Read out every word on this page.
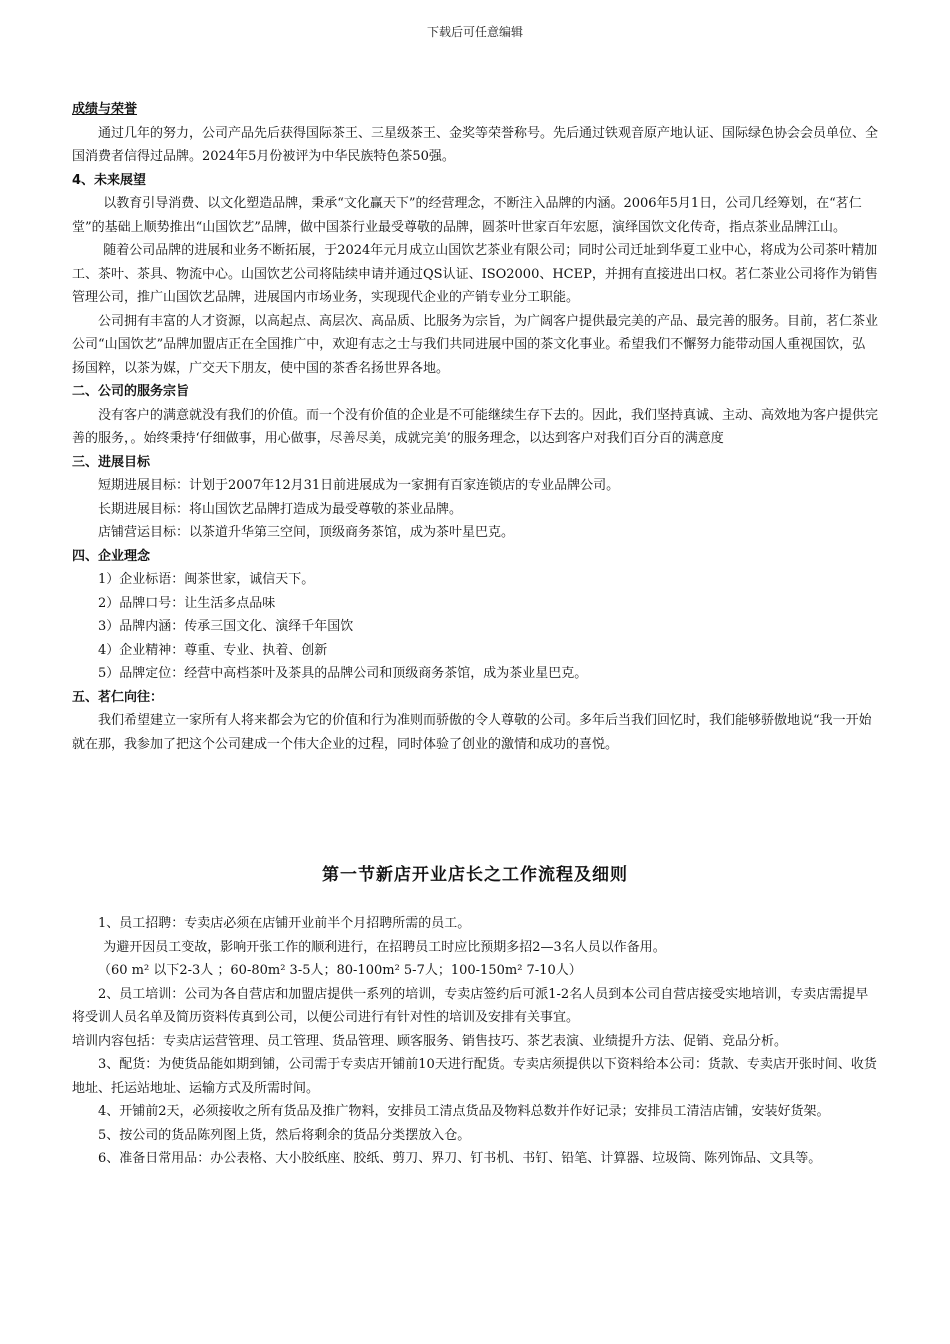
下载后可任意编辑

成绩与荣誉

通过几年的努力，公司产品先后获得国际茶王、三星级茶王、金奖等荣誉称号。先后通过铁观音原产地认证、国际绿色协会会员单位、全国消费者信得过品牌。2024年5月份被评为中华民族特色茶50强。

4、未来展望

以教育引导消费、以文化塑造品牌，秉承“文化赢天下”的经营理念，不断注入品牌的内涵。2006年5月1日，公司几经筹划，在“茗仁堂”的基础上顺势推出“山国饮艺”品牌，做中国茶行业最受尊敬的品牌，圆茶叶世家百年宏愿，演绎国饮文化传奇，指点茶业品牌江山。

随着公司品牌的进展和业务不断拓展，于2024年元月成立山国饮艺茶业有限公司；同时公司迁址到华夏工业中心，将成为公司茶叶精加工、茶叶、茶具、物流中心。山国饮艺公司将陆续申请并通过QS认证、ISO2000、HCEP，并拥有直接进出口权。茗仁茶业公司将作为销售管理公司，推广山国饮艺品牌，进展国内市场业务，实现现代企业的产销专业分工职能。

公司拥有丰富的人才资源，以高起点、高层次、高品质、比服务为宗旨，为广阔客户提供最完美的产品、最完善的服务。目前，茗仁茶业公司“山国饮艺”品牌加盟店正在全国推广中，欢迎有志之士与我们共同进展中国的茶文化事业。希望我们不懈努力能带动国人重视国饮，弘扬国粹，以茶为媒，广交天下朋友，使中国的茶香名扬世界各地。

二、公司的服务宗旨

没有客户的满意就没有我们的价值。而一个没有价值的企业是不可能继续生存下去的。因此，我们坚持真诚、主动、高效地为客户提供完善的服务，。始终秉持‘仔细做事，用心做事，尽善尽美，成就完美’的服务理念，以达到客户对我们百分百的满意度

三、进展目标

短期进展目标：计划于2007年12月31日前进展成为一家拥有百家连锁店的专业品牌公司。

长期进展目标：将山国饮艺品牌打造成为最受尊敬的茶业品牌。

店铺营运目标：以茶道升华第三空间，顶级商务茶馆，成为茶叶星巴克。

四、企业理念

1）企业标语：闽茶世家，诚信天下。

2）品牌口号：让生活多点品味

3）品牌内涵：传承三国文化、演绎千年国饮

4）企业精神：尊重、专业、执着、创新

5）品牌定位：经营中高档茶叶及茶具的品牌公司和顶级商务茶馆，成为茶业星巴克。

五、茗仁向往：

我们希望建立一家所有人将来都会为它的价值和行为准则而骄傲的令人尊敬的公司。多年后当我们回忆时，我们能够骄傲地说“我一开始就在那，我参加了把这个公司建成一个伟大企业的过程，同时体验了创业的激情和成功的喜悦。

第一节新店开业店长之工作流程及细则

1、员工招聘：专卖店必须在店铺开业前半个月招聘所需的员工。

为避开因员工变故，影响开张工作的顺利进行，在招聘员工时应比预期多招2—3名人员以作备用。

（60 m² 以下2-3人 ；60-80m² 3-5人；80-100m² 5-7人；100-150m² 7-10人）

2、员工培训：公司为各自营店和加盟店提供一系列的培训，专卖店签约后可派1-2名人员到本公司自营店接受实地培训，专卖店需提早将受训人员名单及简历资料传真到公司，以便公司进行有针对性的培训及安排有关事宜。

培训内容包括：专卖店运营管理、员工管理、货品管理、顾客服务、销售技巧、茶艺表演、业绩提升方法、促销、竞品分析。

3、配货：为使货品能如期到铺，公司需于专卖店开铺前10天进行配货。专卖店须提供以下资料给本公司：货款、专卖店开张时间、收货地址、托运站地址、运输方式及所需时间。

4、开铺前2天，必须接收之所有货品及推广物料，安排员工清点货品及物料总数并作好记录；安排员工清洁店铺，安装好货架。

5、按公司的货品陈列图上货，然后将剩余的货品分类摆放入仓。

6、准备日常用品：办公表格、大小胶纸座、胶纸、剪刀、界刀、钉书机、书钉、铅笔、计算器、垃圾筒、陈列饰品、文具等。
